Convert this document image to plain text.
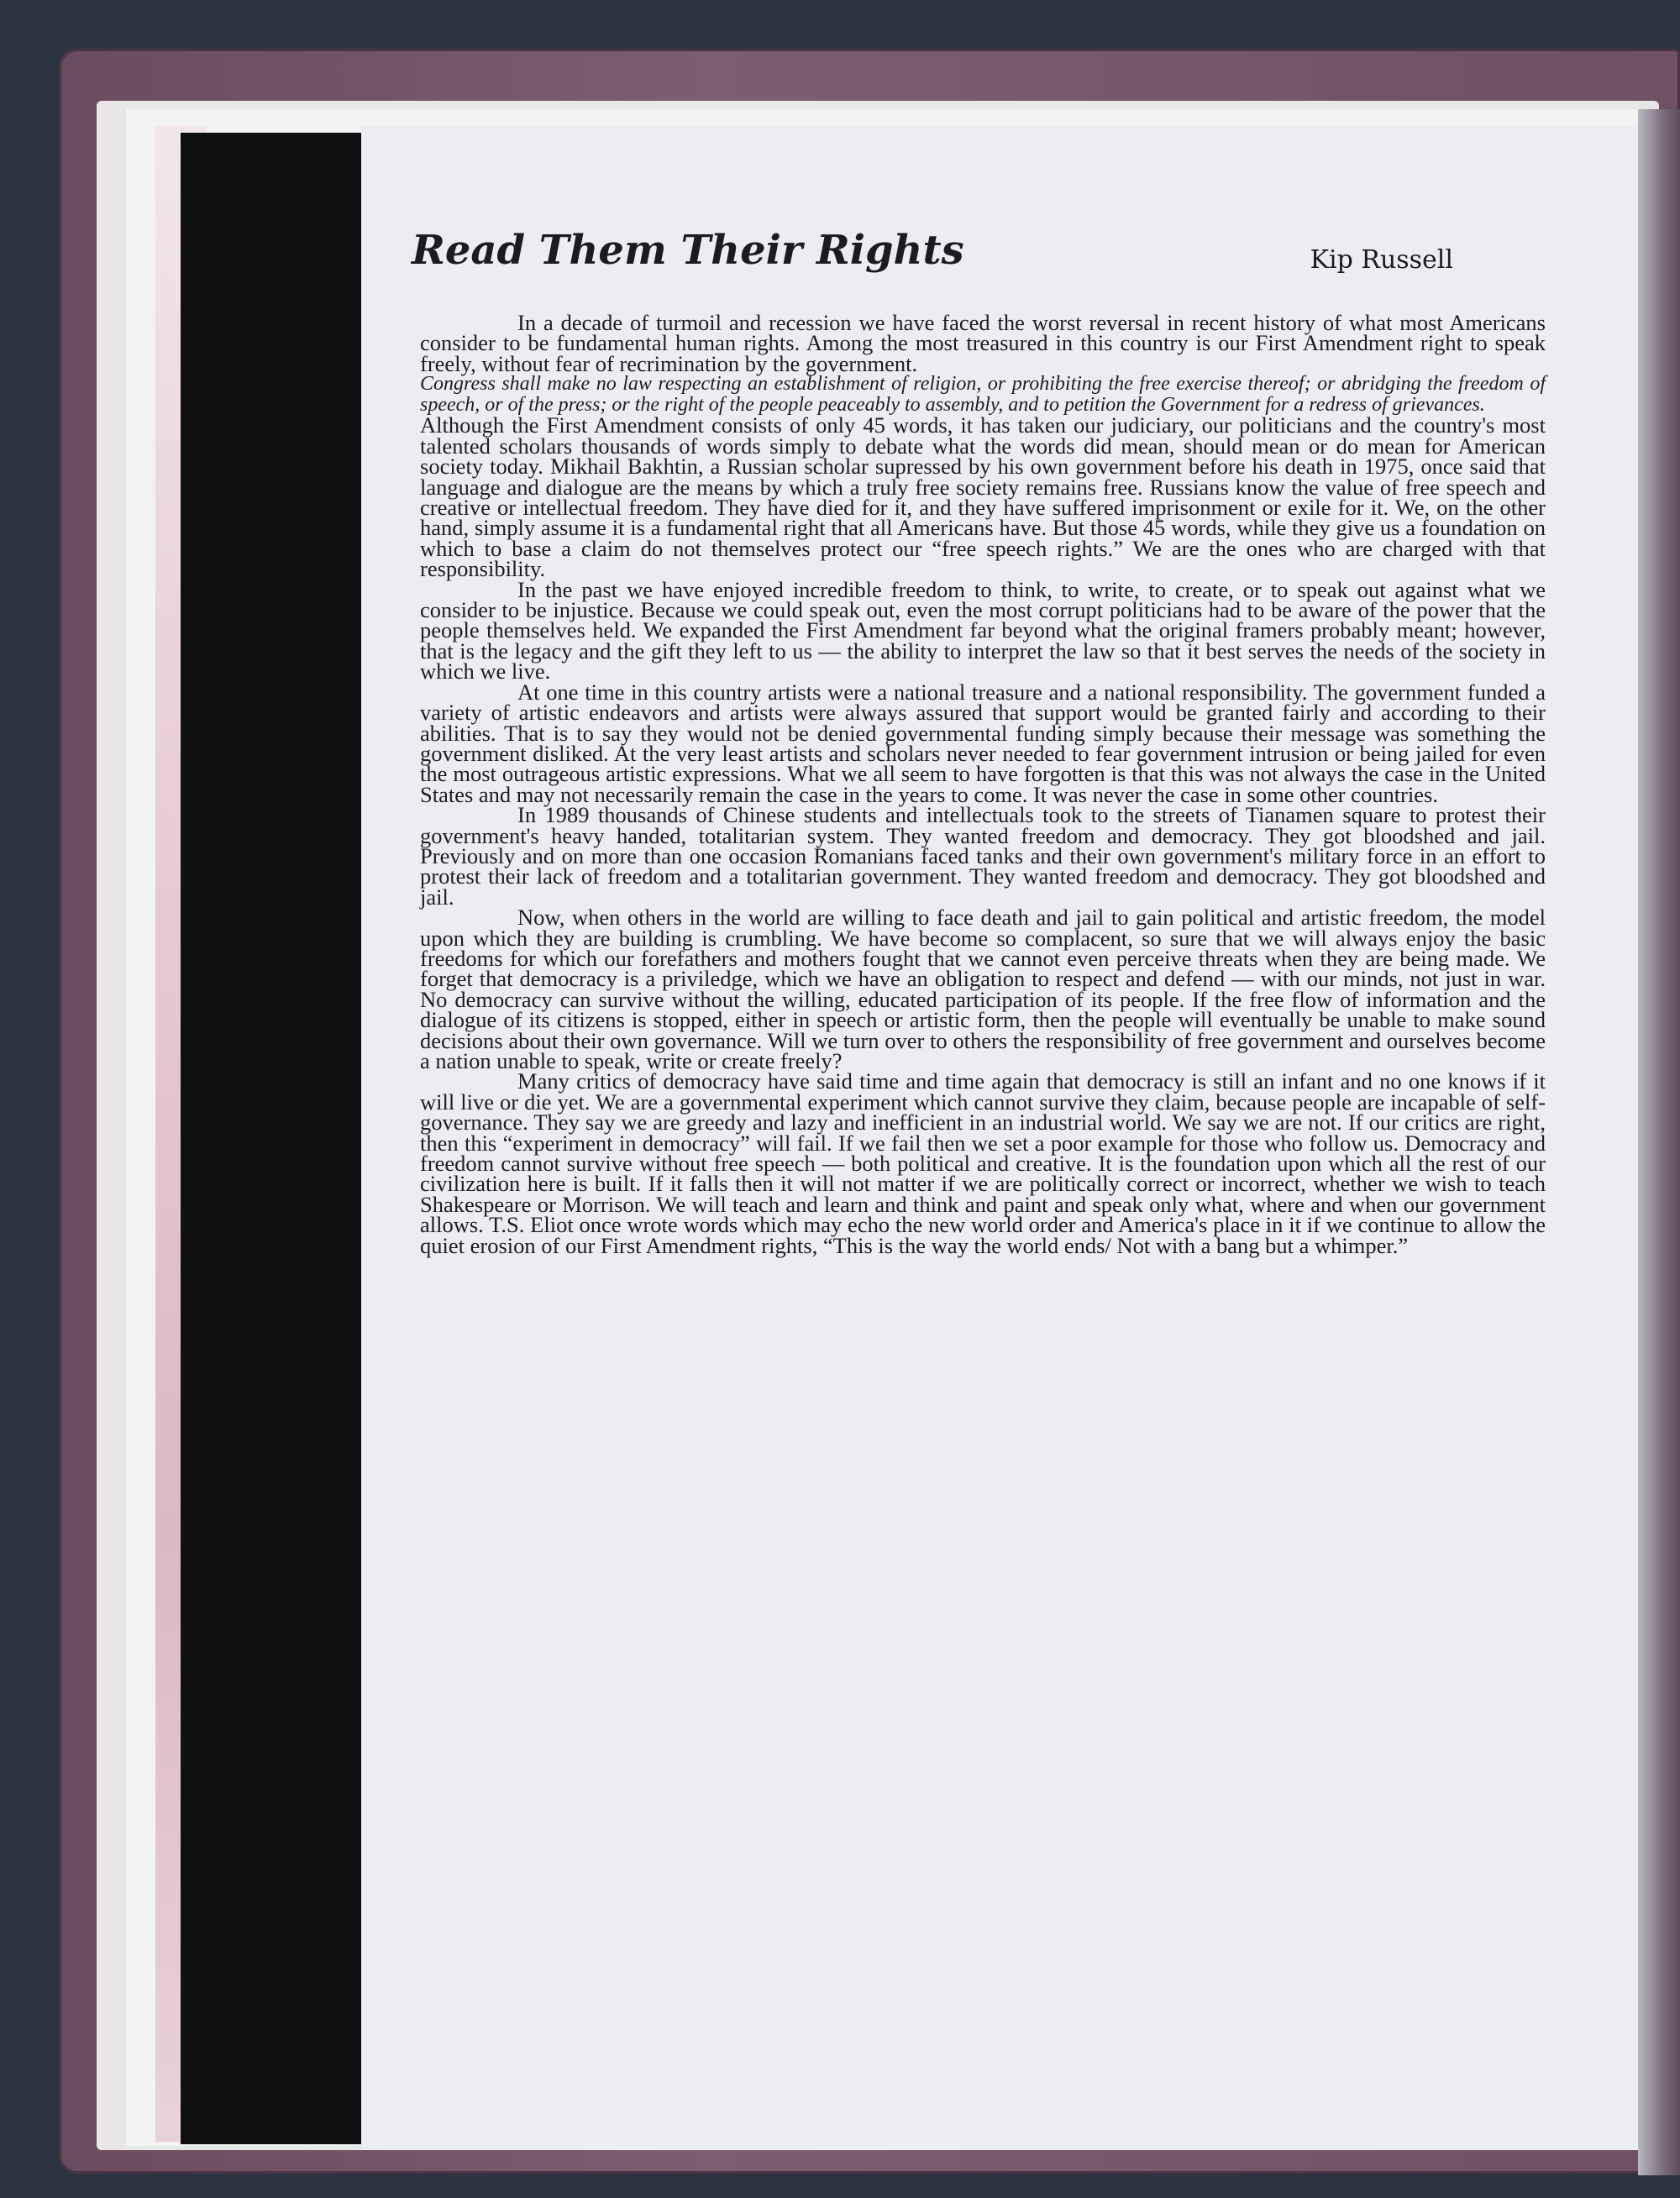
Read Them Their Rights	Kip Russell

In a decade of turmoil and recession we have faced the worst reversal in recent history of what most Americans consider to be fundamental human rights. Among the most treasured in this country is our First Amendment right to speak freely, without fear of recrimination by the government.

Congress shall make no law respecting an establishment of religion, or prohibiting the free exercise thereof; or abridging the freedom of speech, or of the press; or the right of the people peaceably to assembly, and to petition the Government for a redress of grievances.

Although the First Amendment consists of only 45 words, it has taken our judiciary, our politicians and the country's most talented scholars thousands of words simply to debate what the words did mean, should mean or do mean for American society today. Mikhail Bakhtin, a Russian scholar supressed by his own government before his death in 1975, once said that language and dialogue are the means by which a truly free society remains free. Russians know the value of free speech and creative or intellectual freedom. They have died for it, and they have suffered imprisonment or exile for it. We, on the other hand, simply assume it is a fundamental right that all Americans have. But those 45 words, while they give us a foundation on which to base a claim do not themselves protect our “free speech rights.” We are the ones who are charged with that responsibility.

In the past we have enjoyed incredible freedom to think, to write, to create, or to speak out against what we consider to be injustice. Because we could speak out, even the most corrupt politicians had to be aware of the power that the people themselves held. We expanded the First Amendment far beyond what the original framers probably meant; however, that is the legacy and the gift they left to us — the ability to interpret the law so that it best serves the needs of the society in which we live.

At one time in this country artists were a national treasure and a national responsibility. The government funded a variety of artistic endeavors and artists were always assured that support would be granted fairly and according to their abilities. That is to say they would not be denied governmental funding simply because their message was something the government disliked. At the very least artists and scholars never needed to fear government intrusion or being jailed for even the most outrageous artistic expressions. What we all seem to have forgotten is that this was not always the case in the United States and may not necessarily remain the case in the years to come. It was never the case in some other countries.

In 1989 thousands of Chinese students and intellectuals took to the streets of Tianamen square to protest their government's heavy handed, totalitarian system. They wanted freedom and democracy. They got bloodshed and jail. Previously and on more than one occasion Romanians faced tanks and their own government's military force in an effort to protest their lack of freedom and a totalitarian government. They wanted freedom and democracy. They got bloodshed and jail.

Now, when others in the world are willing to face death and jail to gain political and artistic freedom, the model upon which they are building is crumbling. We have become so complacent, so sure that we will always enjoy the basic freedoms for which our forefathers and mothers fought that we cannot even perceive threats when they are being made. We forget that democracy is a priviledge, which we have an obligation to respect and defend — with our minds, not just in war. No democracy can survive without the willing, educated participation of its people. If the free flow of information and the dialogue of its citizens is stopped, either in speech or artistic form, then the people will eventually be unable to make sound decisions about their own governance. Will we turn over to others the responsibility of free government and ourselves become a nation unable to speak, write or create freely?

Many critics of democracy have said time and time again that democracy is still an infant and no one knows if it will live or die yet. We are a governmental experiment which cannot survive they claim, because people are incapable of self-governance. They say we are greedy and lazy and inefficient in an industrial world. We say we are not. If our critics are right, then this “experiment in democracy” will fail. If we fail then we set a poor example for those who follow us. Democracy and freedom cannot survive without free speech — both political and creative. It is the foundation upon which all the rest of our civilization here is built. If it falls then it will not matter if we are politically correct or incorrect, whether we wish to teach Shakespeare or Morrison. We will teach and learn and think and paint and speak only what, where and when our government allows. T.S. Eliot once wrote words which may echo the new world order and America's place in it if we continue to allow the quiet erosion of our First Amendment rights, “This is the way the world ends/ Not with a bang but a whimper.”
